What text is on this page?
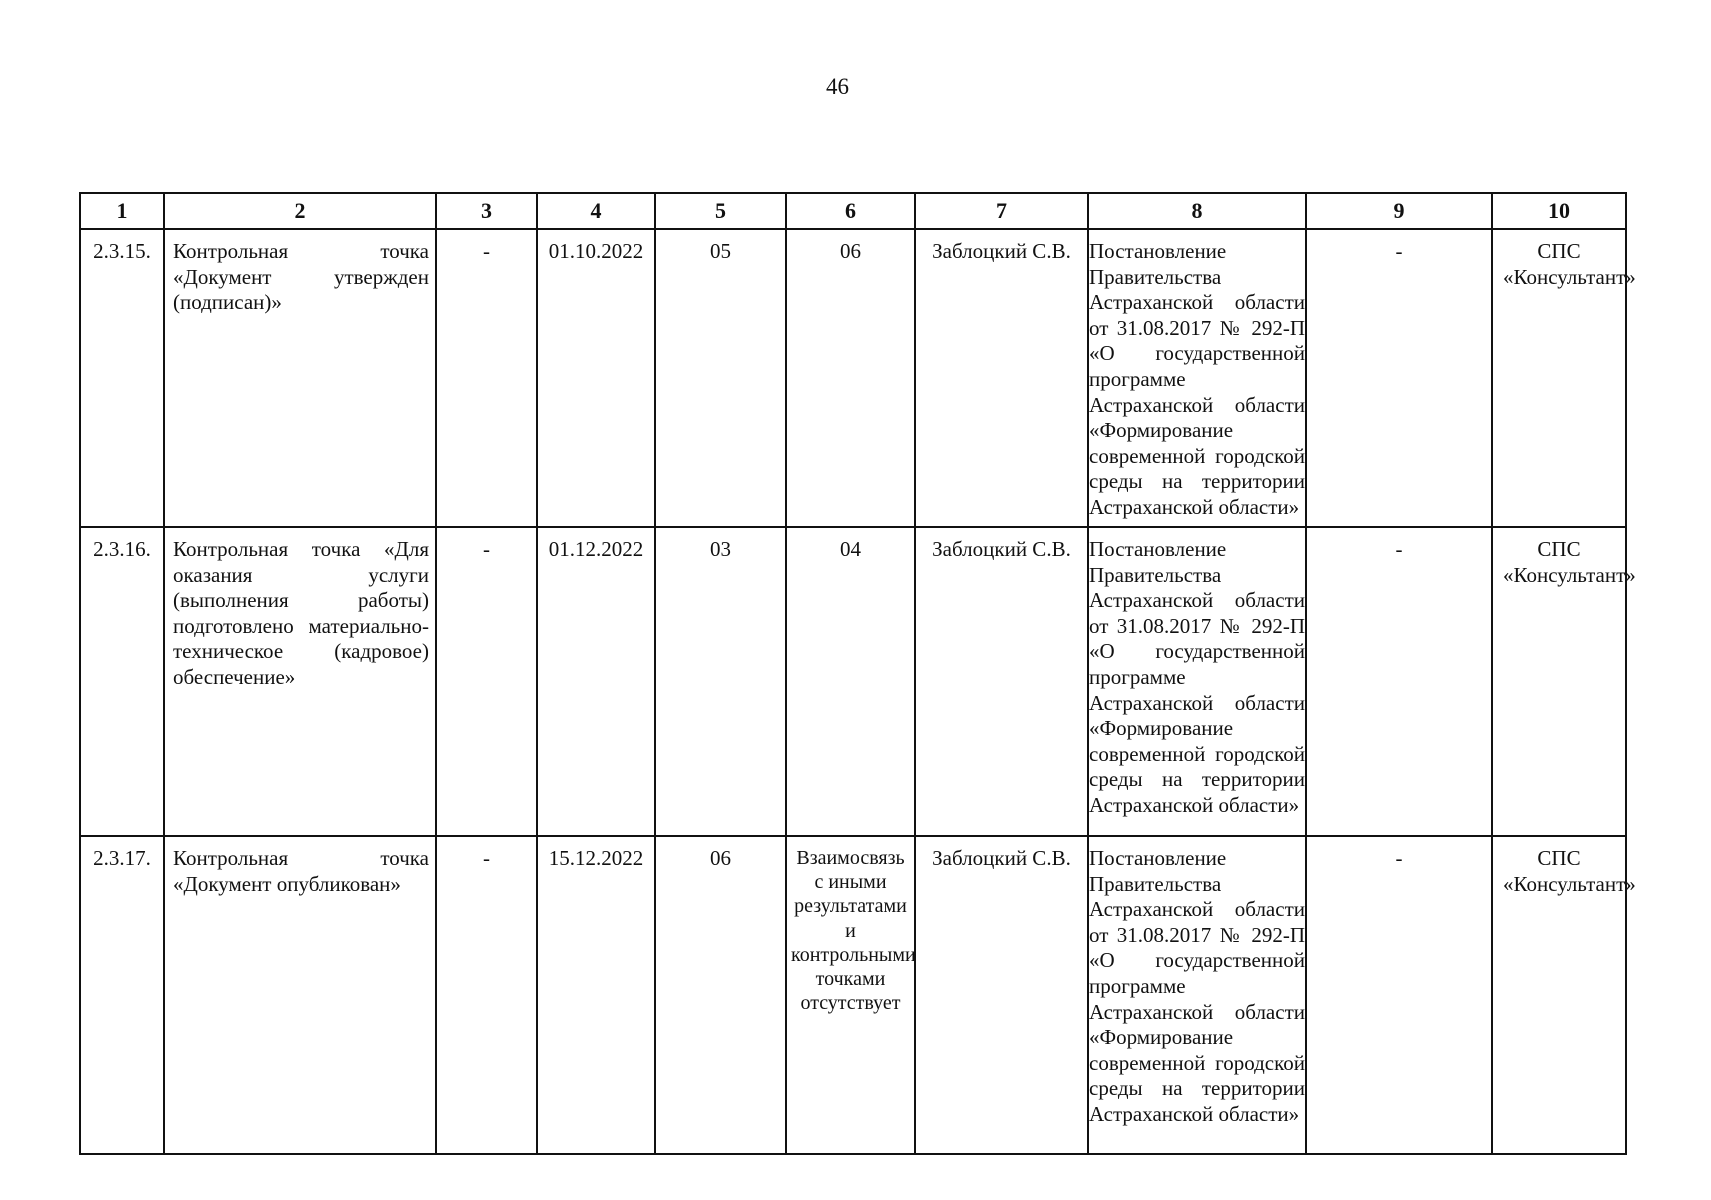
46
1	2	3	4	5	6	7	8	9	10
2.3.15.	Контрольная точка «Документ утвержден (подписан)»	-	01.10.2022	05	06	Заблоцкий С.В.	Постановление Правительства Астраханской области от 31.08.2017 № 292-П «О государственной программе Астраханской области «Формирование современной городской среды на территории Астраханской области»	-	СПС «Консультант»
2.3.16.	Контрольная точка «Для оказания услуги (выполнения работы) подготовлено материально-техническое (кадровое) обеспечение»	-	01.12.2022	03	04	Заблоцкий С.В.	Постановление Правительства Астраханской области от 31.08.2017 № 292-П «О государственной программе Астраханской области «Формирование современной городской среды на территории Астраханской области»	-	СПС «Консультант»
2.3.17.	Контрольная точка «Документ опубликован»	-	15.12.2022	06	Взаимосвязь с иными результатами и контрольными точками отсутствует	Заблоцкий С.В.	Постановление Правительства Астраханской области от 31.08.2017 № 292-П «О государственной программе Астраханской области «Формирование современной городской среды на территории Астраханской области»	-	СПС «Консультант»
